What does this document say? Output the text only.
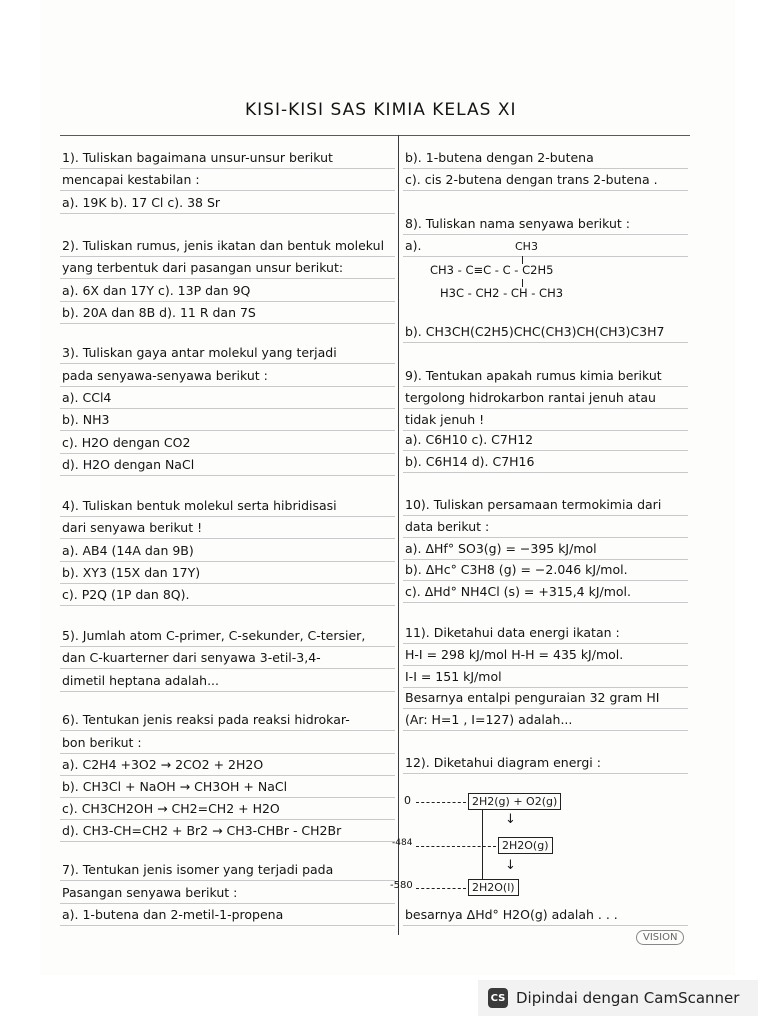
KISI-KISI SAS KIMIA KELAS XI
1). Tuliskan bagaimana unsur-unsur berikut
mencapai kestabilan :
a). 19K b). 17 Cl c). 38 Sr
2). Tuliskan rumus, jenis ikatan dan bentuk molekul
yang terbentuk dari pasangan unsur berikut:
a). 6X dan 17Y c). 13P dan 9Q
b). 20A dan 8B d). 11 R dan 7S
3). Tuliskan gaya antar molekul yang terjadi
pada senyawa-senyawa berikut :
a). CCl4
b). NH3
c). H2O dengan CO2
d). H2O dengan NaCl
4). Tuliskan bentuk molekul serta hibridisasi
dari senyawa berikut !
a). AB4 (14A dan 9B)
b). XY3 (15X dan 17Y)
c). P2Q (1P dan 8Q).
5). Jumlah atom C-primer, C-sekunder, C-tersier,
dan C-kuarterner dari senyawa 3-etil-3,4-
dimetil heptana adalah...
6). Tentukan jenis reaksi pada reaksi hidrokar-
bon berikut :
a). C2H4 +3O2 → 2CO2 + 2H2O
b). CH3Cl + NaOH → CH3OH + NaCl
c). CH3CH2OH → CH2=CH2 + H2O
d). CH3-CH=CH2 + Br2 → CH3-CHBr - CH2Br
7). Tentukan jenis isomer yang terjadi pada
Pasangan senyawa berikut :
a). 1-butena dan 2-metil-1-propena
b). 1-butena dengan 2-butena
c). cis 2-butena dengan trans 2-butena .
8). Tuliskan nama senyawa berikut :
a).
b). CH3CH(C2H5)CHC(CH3)CH(CH3)C3H7
9). Tentukan apakah rumus kimia berikut
tergolong hidrokarbon rantai jenuh atau
tidak jenuh !
a). C6H10 c). C7H12
b). C6H14 d). C7H16
10). Tuliskan persamaan termokimia dari
data berikut :
a). ΔHf° SO3(g) = −395 kJ/mol
b). ΔHc° C3H8 (g) = −2.046 kJ/mol.
c). ΔHd° NH4Cl (s) = +315,4 kJ/mol.
11). Diketahui data energi ikatan :
H-I = 298 kJ/mol H-H = 435 kJ/mol.
I-I = 151 kJ/mol
Besarnya entalpi penguraian 32 gram HI
(Ar: H=1 , I=127) adalah...
12). Diketahui diagram energi :
besarnya ΔHd° H2O(g) adalah . . .
CH3
CH3 - C≡C - C - C2H5
H3C - CH2 - CH - CH3
0	2H2(g) + O2(g)
↓
-484	2H2O(g)
↓
-580	2H2O(l)
VISION
CS Dipindai dengan CamScanner
